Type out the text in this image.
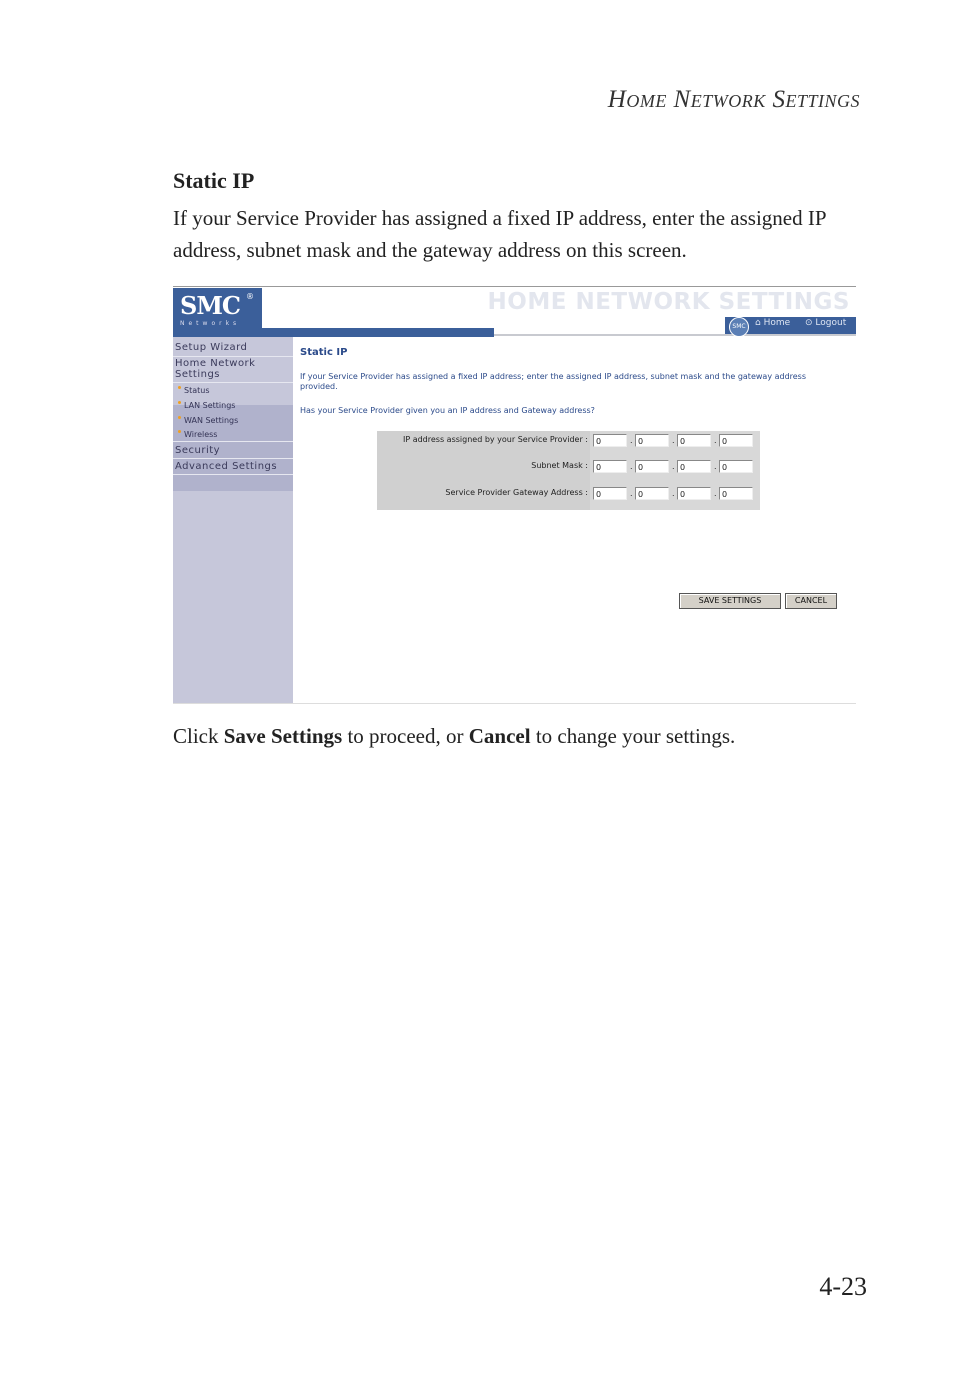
Home Network Settings
Static IP
If your Service Provider has assigned a fixed IP address, enter the assigned IP address, subnet mask and the gateway address on this screen.
SMC ®
Networks
HOME NETWORK SETTINGS
SMC	⌂ Home ⊙ Logout
Setup Wizard
Home Network
Settings
Status
LAN Settings
WAN Settings
Wireless
Security
Advanced Settings
Static IP
If your Service Provider has assigned a fixed IP address; enter the assigned IP address, subnet mask and the gateway address provided.
Has your Service Provider given you an IP address and Gateway address?
IP address assigned by your Service Provider :	0	. 0	. 0	. 0
Subnet Mask :	0	. 0	. 0	. 0
Service Provider Gateway Address :	0	. 0	. 0	. 0
SAVE SETTINGS	CANCEL
Click Save Settings to proceed, or Cancel to change your settings.
4-23
